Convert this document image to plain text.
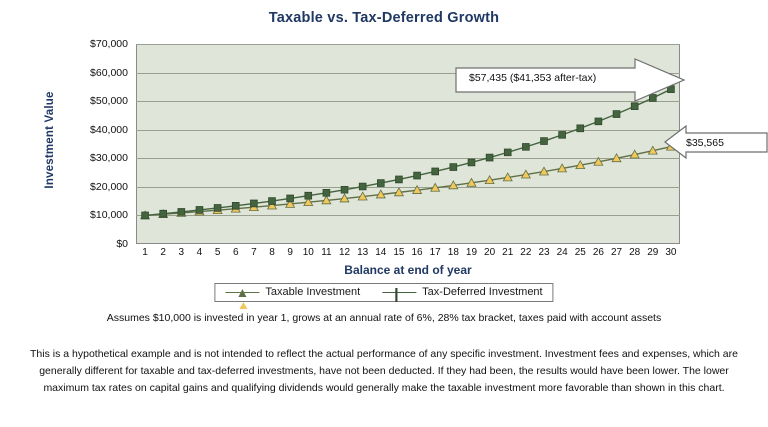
Taxable vs. Tax-Deferred Growth
Investment Value
$0
$10,000
$20,000
$30,000
$40,000
$50,000
$60,000
$70,000
1 2 3 4 5 6 7 8 9 10 11 12 13 14 15 16 17 18 19 20 21 22 23 24 25 26 27 28 29 30
Balance at end of year
$57,435 ($41,353 after-tax)
$35,565
Taxable Investment	Tax-Deferred Investment
Assumes $10,000 is invested in year 1, grows at an annual rate of 6%, 28% tax bracket, taxes paid with account assets
This is a hypothetical example and is not intended to reflect the actual performance of any specific investment. Investment fees and expenses, which are generally different for taxable and tax-deferred investments, have not been deducted. If they had been, the results would have been lower. The lower maximum tax rates on capital gains and qualifying dividends would generally make the taxable investment more favorable than shown in this chart.
